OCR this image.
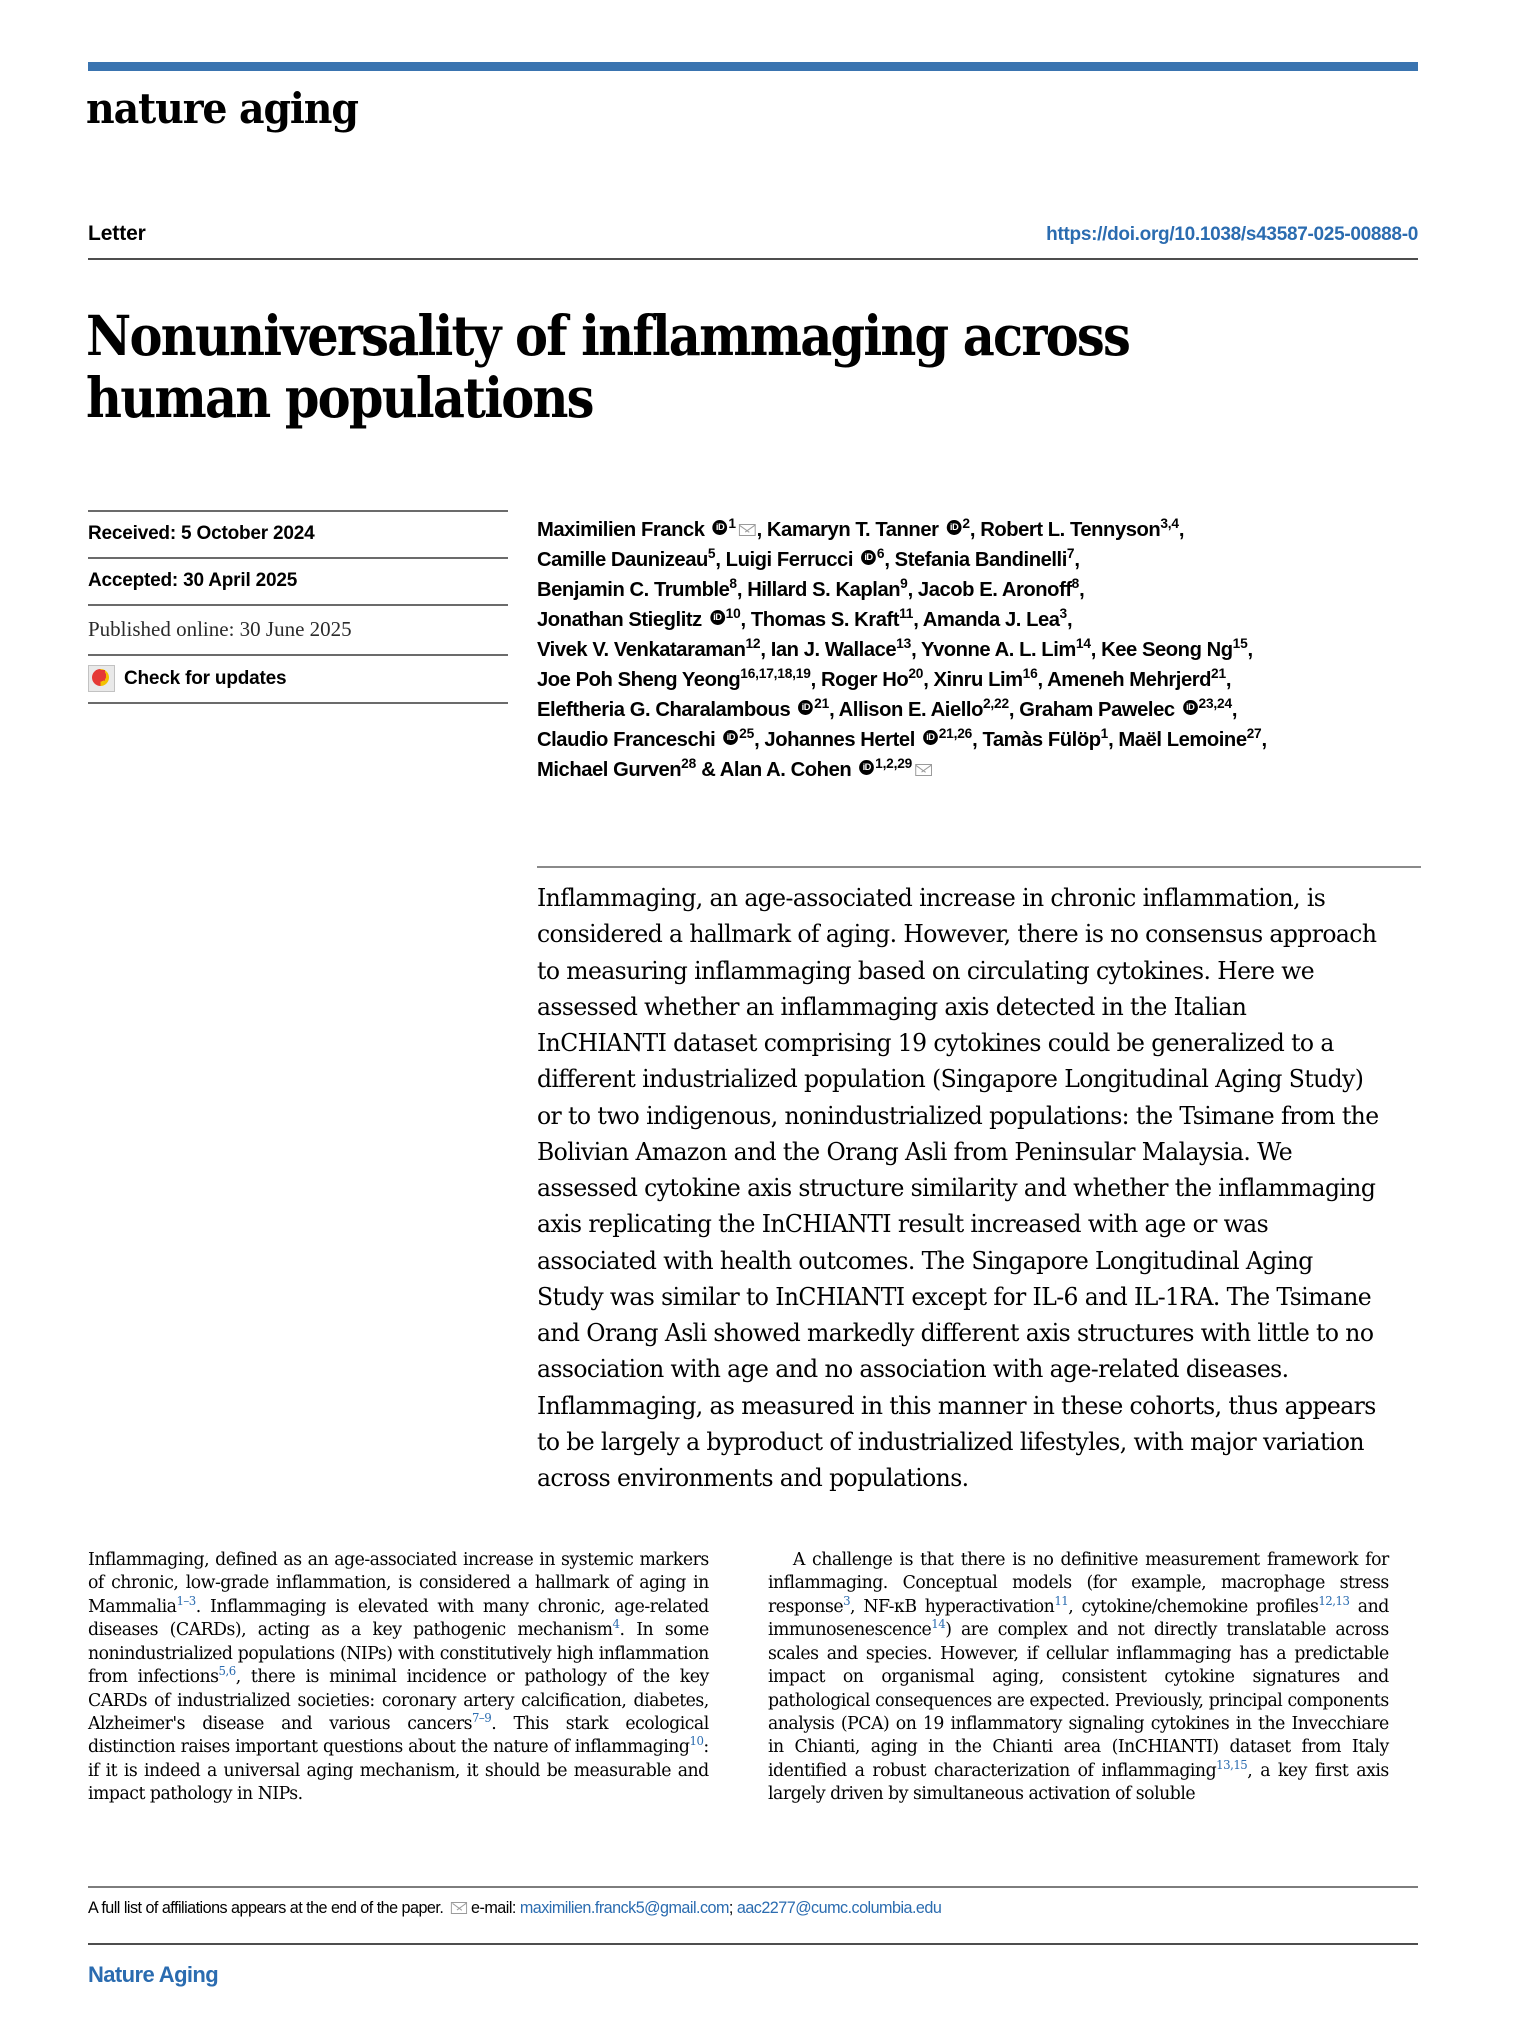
nature aging
Letter	https://doi.org/10.1038/s43587-025-00888-0
Nonuniversality of inflammaging across human populations
Received: 5 October 2024
Accepted: 30 April 2025
Published online: 30 June 2025
Check for updates
Maximilien Franck $iD^1$ , Kamaryn T. Tanner $iD^2$, Robert L. Tennyson$^{3,4}$,
Camille Daunizeau$^5$, Luigi Ferrucci $iD^6$, Stefania Bandinelli$^7$,
Benjamin C. Trumble$^8$, Hillard S. Kaplan$^9$, Jacob E. Aronoff$^8$,
Jonathan Stieglitz $iD^{10}$, Thomas S. Kraft$^{11}$, Amanda J. Lea$^3$,
Vivek V. Venkataraman$^{12}$, Ian J. Wallace$^{13}$, Yvonne A. L. Lim$^{14}$, Kee Seong Ng$^{15}$,
Joe Poh Sheng Yeong$^{16,17,18,19}$, Roger Ho$^{20}$, Xinru Lim$^{16}$, Ameneh Mehrjerd$^{21}$,
Eleftheria G. Charalambous $iD^{21}$, Allison E. Aiello$^{2,22}$, Graham Pawelec iD$^{23,24}$,
Claudio Franceschi $iD^{25}$, Johannes Hertel iD$^{21,26}$, Tamàs Fülöp$^1$, Maël Lemoine$^{27}$,
Michael Gurven$^{28}$ & Alan A. Cohen iD$^{1,2,29}$
Inflammaging, an age-associated increase in chronic inflammation, is considered a hallmark of aging. However, there is no consensus approach to measuring inflammaging based on circulating cytokines. Here we assessed whether an inflammaging axis detected in the Italian InCHIANTI dataset comprising 19 cytokines could be generalized to a different industrialized population (Singapore Longitudinal Aging Study) or to two indigenous, nonindustrialized populations: the Tsimane from the Bolivian Amazon and the Orang Asli from Peninsular Malaysia. We assessed cytokine axis structure similarity and whether the inflammaging axis replicating the InCHIANTI result increased with age or was associated with health outcomes. The Singapore Longitudinal Aging Study was similar to InCHIANTI except for IL-6 and IL-1RA. The Tsimane and Orang Asli showed markedly different axis structures with little to no association with age and no association with age-related diseases. Inflammaging, as measured in this manner in these cohorts, thus appears to be largely a byproduct of industrialized lifestyles, with major variation across environments and populations.

Inflammaging, defined as an age-associated increase in systemic markers of chronic, low-grade inflammation, is considered a hallmark of aging in Mammalia$^{1-3}$. Inflammaging is elevated with many chronic, age-related diseases (CARDs), acting as a key pathogenic mechanism$^4$. In some nonindustrialized populations (NIPs) with constitutively high inflammation from infections$^{5,6}$, there is minimal incidence or pathology of the key CARDs of industrialized societies: coronary artery calcification, diabetes, Alzheimer's disease and various cancers$^{7-9}$. This stark ecological distinction raises important questions about the nature of inflammaging$^{10}$: if it is indeed a universal aging mechanism, it should be measurable and impact pathology in NIPs.

A challenge is that there is no definitive measurement framework for inflammaging. Conceptual models (for example, macrophage stress response$^3$, NF-κB hyperactivation$^{11}$, cytokine/chemokine profiles$^{12,13}$ and immunosenescence$^{14}$) are complex and not directly translatable across scales and species. However, if cellular inflammaging has a predictable impact on organismal aging, consistent cytokine signatures and pathological consequences are expected. Previously, principal components analysis (PCA) on 19 inflammatory signaling cytokines in the Invecchiare in Chianti, aging in the Chianti area (InCHIANTI) dataset from Italy identified a robust characterization of inflammaging$^{13,15}$, a key first axis largely driven by simultaneous activation of soluble

A full list of affiliations appears at the end of the paper. e-mail: maximilien.franck5@gmail.com; aac2277@cumc.columbia.edu
Nature Aging
